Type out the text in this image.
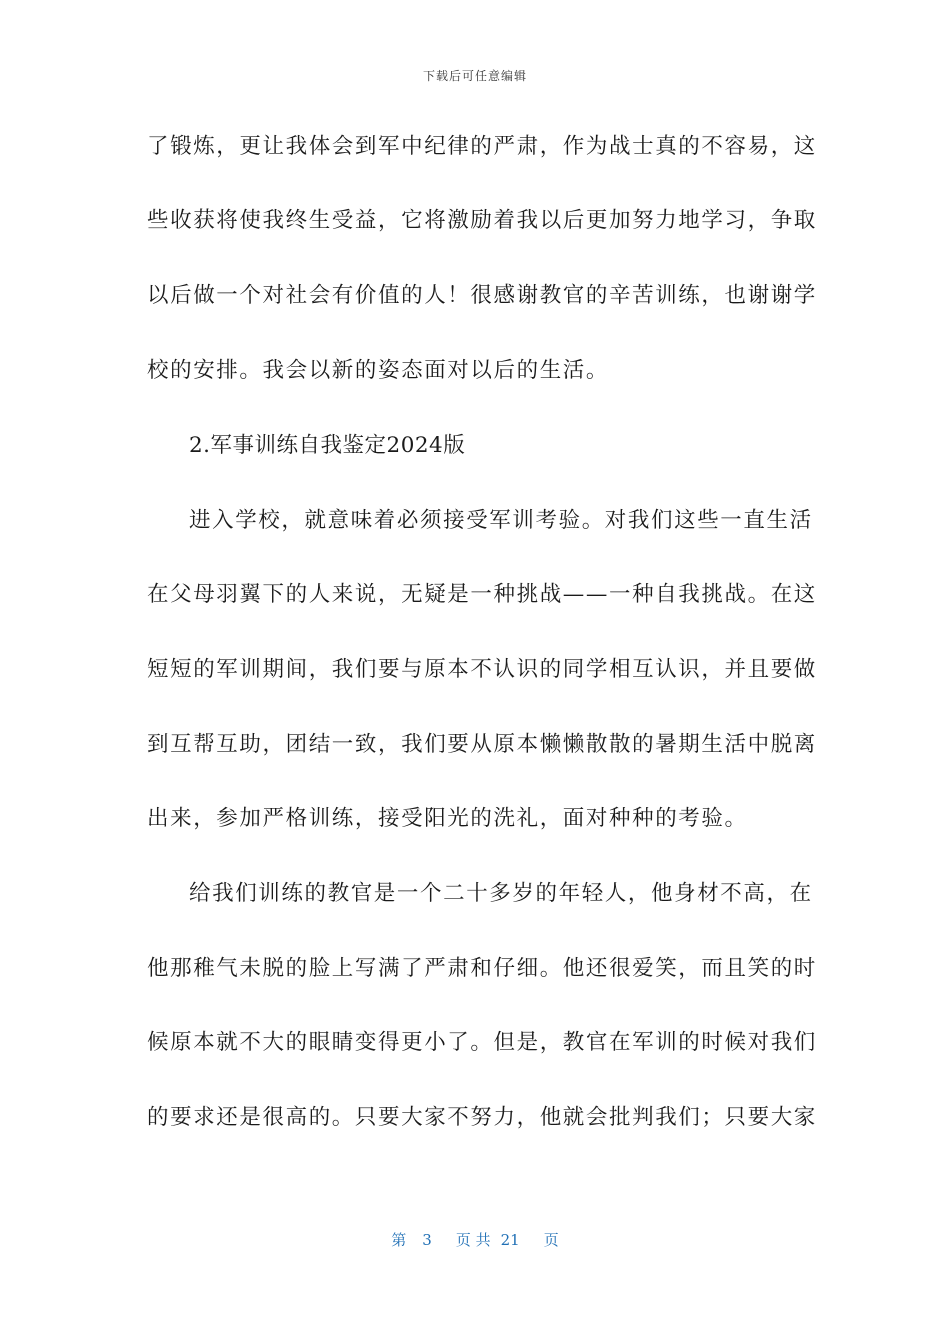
下载后可任意编辑

了锻炼，更让我体会到军中纪律的严肃，作为战士真的不容易，这

些收获将使我终生受益，它将激励着我以后更加努力地学习，争取

以后做一个对社会有价值的人！很感谢教官的辛苦训练，也谢谢学

校的安排。我会以新的姿态面对以后的生活。

2.军事训练自我鉴定2024版

进入学校，就意味着必须接受军训考验。对我们这些一直生活

在父母羽翼下的人来说，无疑是一种挑战——一种自我挑战。在这

短短的军训期间，我们要与原本不认识的同学相互认识，并且要做

到互帮互助，团结一致，我们要从原本懒懒散散的暑期生活中脱离

出来，参加严格训练，接受阳光的洗礼，面对种种的考验。

给我们训练的教官是一个二十多岁的年轻人，他身材不高，在

他那稚气未脱的脸上写满了严肃和仔细。他还很爱笑，而且笑的时

候原本就不大的眼睛变得更小了。但是，教官在军训的时候对我们

的要求还是很高的。只要大家不努力，他就会批判我们；只要大家

第 3 页 共 21 页
